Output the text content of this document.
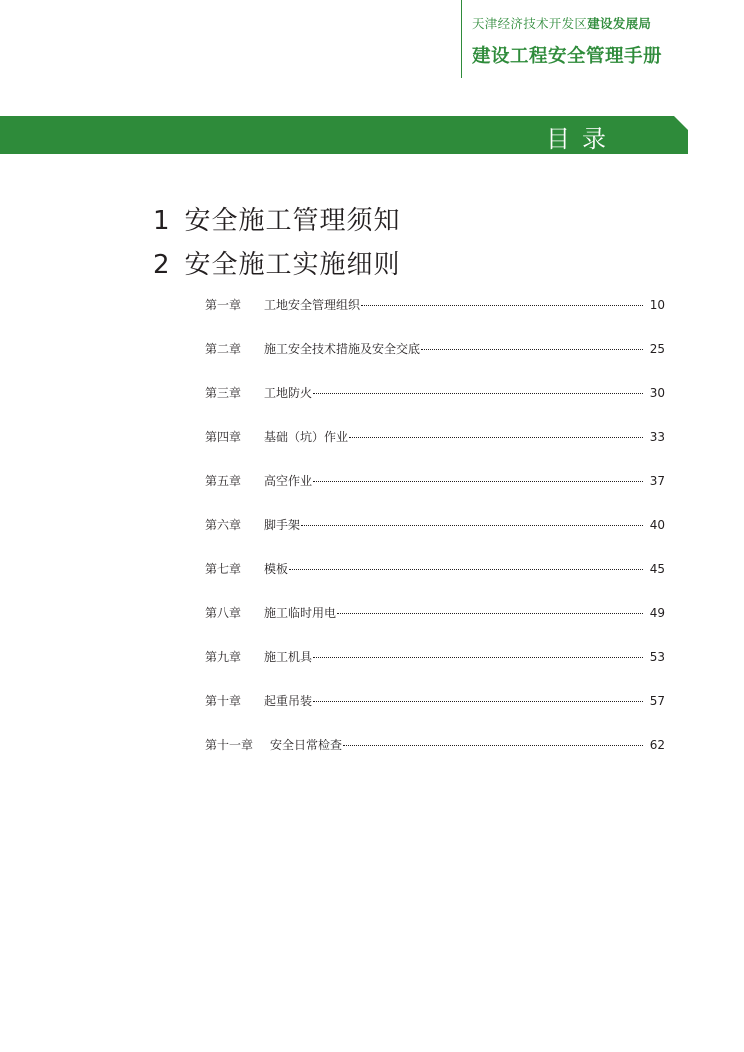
天津经济技术开发区建设发展局
建设工程安全管理手册
目录
1 安全施工管理须知
2 安全施工实施细则
第一章	工地安全管理组织	10
第二章	施工安全技术措施及安全交底	25
第三章	工地防火	30
第四章	基础（坑）作业	33
第五章	高空作业	37
第六章	脚手架	40
第七章	模板	45
第八章	施工临时用电	49
第九章	施工机具	53
第十章	起重吊装	57
第十一章	安全日常检查	62
